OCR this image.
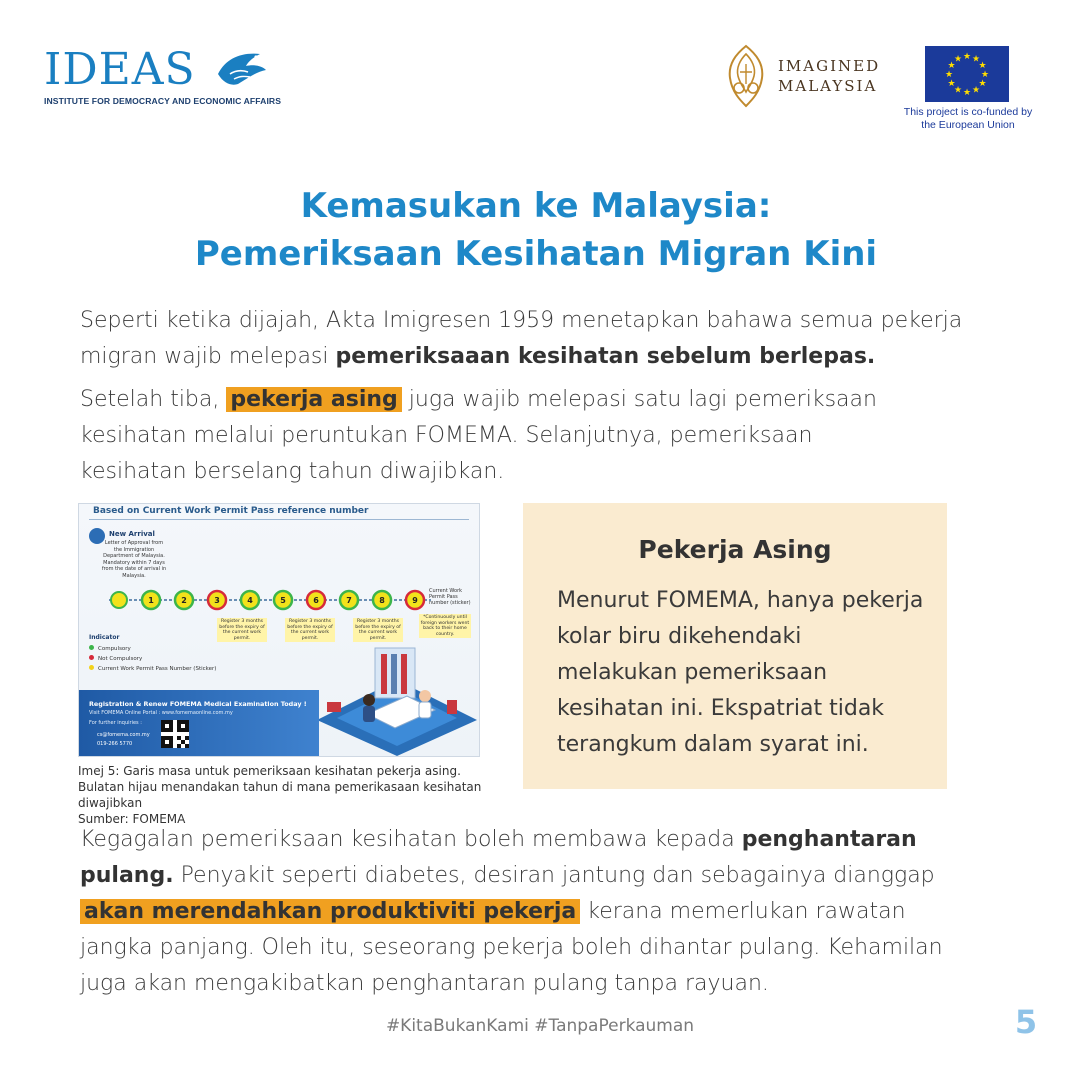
IDEAS
INSTITUTE FOR DEMOCRACY AND ECONOMIC AFFAIRS
IMAGINED
MALAYSIA
★ ★
★
★
★
★
★
★
★
★
★
★
This project is co-funded by
the European Union
Kemasukan ke Malaysia:
Pemeriksaan Kesihatan Migran Kini
Seperti ketika dijajah, Akta Imigresen 1959 menetapkan bahawa semua pekerja migran wajib melepasi pemeriksaaan kesihatan sebelum berlepas.
Setelah tiba, pekerja asing juga wajib melepasi satu lagi pemeriksaan kesihatan melalui peruntukan FOMEMA. Selanjutnya, pemeriksaan kesihatan berselang tahun diwajibkan.
Based on Current Work Permit Pass reference number
New Arrival
Letter of Approval from the Immigration Department of Malaysia. Mandatory within 7 days from the date of arrival in Malaysia.
1	2	3	4	5	6	7	8	9
Current Work Permit Pass number (sticker)
Register 3 months before the expiry of the current work permit.
Register 3 months before the expiry of the current work permit.
Register 3 months before the expiry of the current work permit.
*Continuously until foreign workers went back to their home country.
Indicator
Compulsory
Not Compulsory
Current Work Permit Pass Number (Sticker)
Registration & Renew FOMEMA Medical Examination Today !
Visit FOMEMA Online Portal : www.fomemaonline.com.my
For further inquiries :
cs@fomema.com.my
019-266 5770
Imej 5: Garis masa untuk pemeriksaan kesihatan pekerja asing. Bulatan hijau menandakan tahun di mana pemerikasaan kesihatan diwajibkan
Sumber: FOMEMA
Pekerja Asing
Menurut FOMEMA, hanya pekerja kolar biru dikehendaki melakukan pemeriksaan kesihatan ini. Ekspatriat tidak terangkum dalam syarat ini.
Kegagalan pemeriksaan kesihatan boleh membawa kepada penghantaran pulang. Penyakit seperti diabetes, desiran jantung dan sebagainya dianggap akan merendahkan produktiviti pekerja kerana memerlukan rawatan jangka panjang. Oleh itu, seseorang pekerja boleh dihantar pulang. Kehamilan juga akan mengakibatkan penghantaran pulang tanpa rayuan.
#KitaBukanKami #TanpaPerkauman	5
